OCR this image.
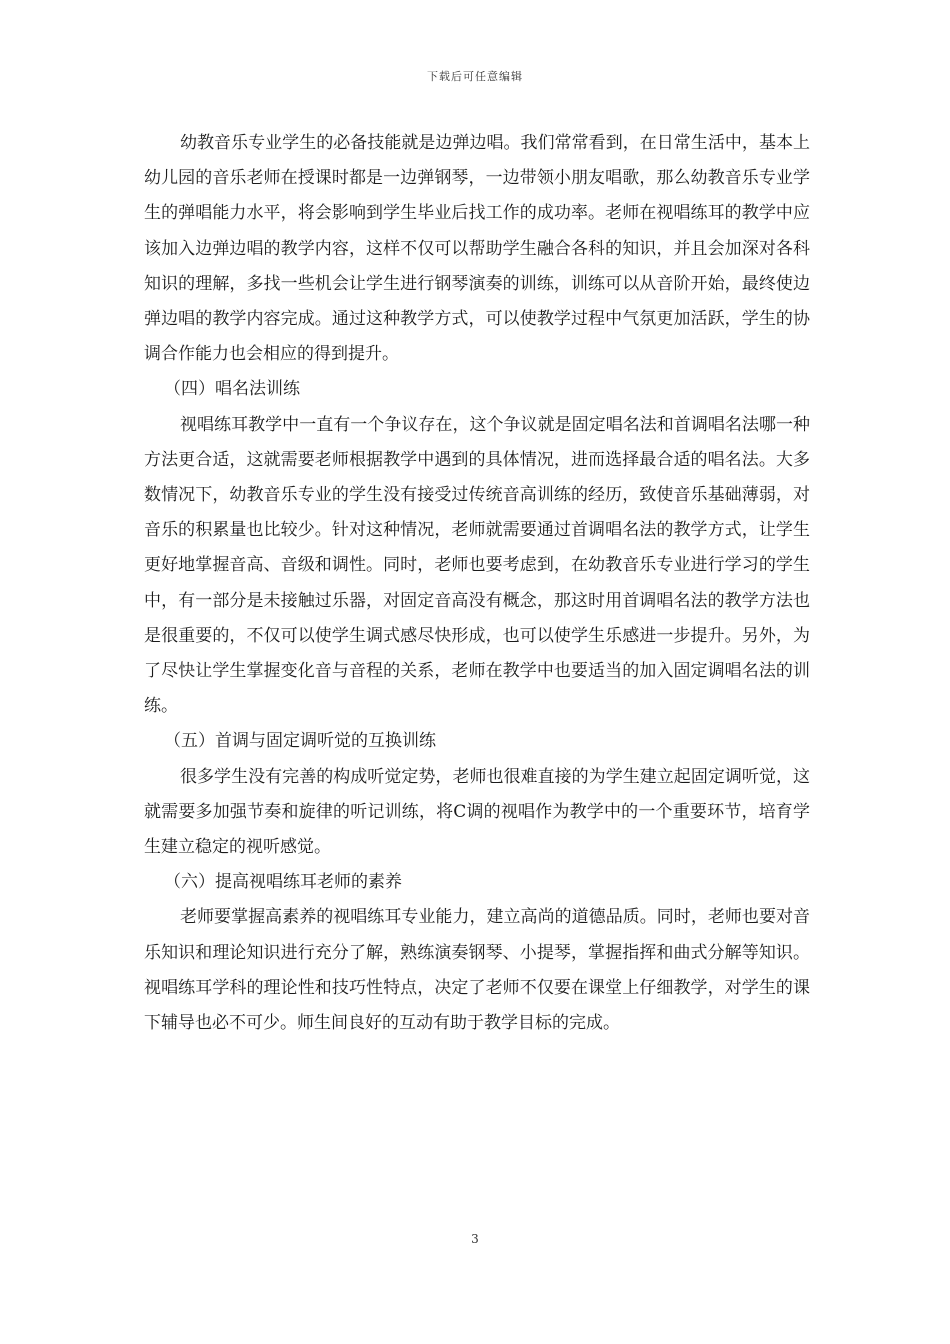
下载后可任意编辑

幼教音乐专业学生的必备技能就是边弹边唱。我们常常看到，在日常生活中，基本上幼儿园的音乐老师在授课时都是一边弹钢琴，一边带领小朋友唱歌，那么幼教音乐专业学生的弹唱能力水平，将会影响到学生毕业后找工作的成功率。老师在视唱练耳的教学中应该加入边弹边唱的教学内容，这样不仅可以帮助学生融合各科的知识，并且会加深对各科知识的理解，多找一些机会让学生进行钢琴演奏的训练，训练可以从音阶开始，最终使边弹边唱的教学内容完成。通过这种教学方式，可以使教学过程中气氛更加活跃，学生的协调合作能力也会相应的得到提升。

（四）唱名法训练

视唱练耳教学中一直有一个争议存在，这个争议就是固定唱名法和首调唱名法哪一种方法更合适，这就需要老师根据教学中遇到的具体情况，进而选择最合适的唱名法。大多数情况下，幼教音乐专业的学生没有接受过传统音高训练的经历，致使音乐基础薄弱，对音乐的积累量也比较少。针对这种情况，老师就需要通过首调唱名法的教学方式，让学生更好地掌握音高、音级和调性。同时，老师也要考虑到，在幼教音乐专业进行学习的学生中，有一部分是未接触过乐器，对固定音高没有概念，那这时用首调唱名法的教学方法也是很重要的，不仅可以使学生调式感尽快形成，也可以使学生乐感进一步提升。另外，为了尽快让学生掌握变化音与音程的关系，老师在教学中也要适当的加入固定调唱名法的训练。

（五）首调与固定调听觉的互换训练

很多学生没有完善的构成听觉定势，老师也很难直接的为学生建立起固定调听觉，这就需要多加强节奏和旋律的听记训练，将C调的视唱作为教学中的一个重要环节，培育学生建立稳定的视听感觉。

（六）提高视唱练耳老师的素养

老师要掌握高素养的视唱练耳专业能力，建立高尚的道德品质。同时，老师也要对音乐知识和理论知识进行充分了解，熟练演奏钢琴、小提琴，掌握指挥和曲式分解等知识。视唱练耳学科的理论性和技巧性特点，决定了老师不仅要在课堂上仔细教学，对学生的课下辅导也必不可少。师生间良好的互动有助于教学目标的完成。

3
